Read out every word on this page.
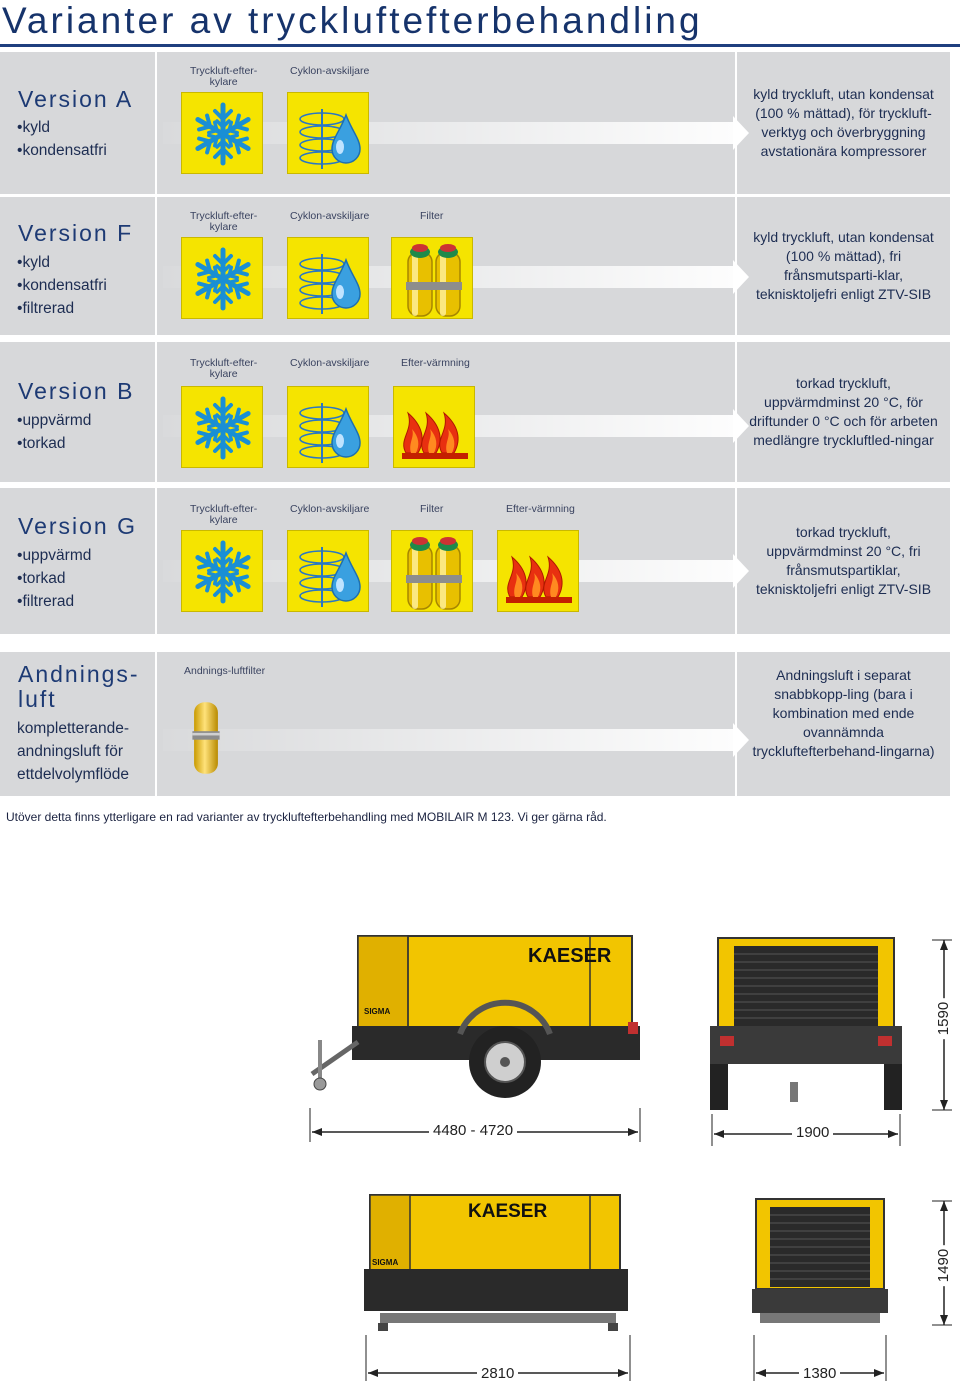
Varianter av tryckluftefterbehandling
Version A
• kyld
• kondensatfri
Tryckluft-efter-
kylare
Cyklon-avskiljare
kyld tryckluft, utan kondensat (100 % mättad), för tryckluft-verktyg och överbryggning avstationära kompressorer
Version F
• kyld
• kondensatfri
• filtrerad
Tryckluft-efter-
kylare
Cyklon-avskiljare	Filter
kyld tryckluft, utan kondensat (100 % mättad), fri frånsmutsparti-klar, teknisktoljefri enligt ZTV-SIB
Version B
• uppvärmd
• torkad
Tryckluft-efter-
kylare
Cyklon-avskiljare	Efter-värmning
torkad tryckluft, uppvärmdminst 20 °C, för driftunder 0 °C och för arbeten medlängre tryckluftled-ningar
Version G
• uppvärmd
• torkad
• filtrerad
Tryckluft-efter-
kylare
Cyklon-avskiljare	Filter	Efter-värmning
torkad tryckluft, uppvärmdminst 20 °C, fri frånsmutspartiklar, teknisktoljefri enligt ZTV-SIB
Andnings-
luft
kompletterande-
andningsluft för
ettdelvolymflöde
Andnings-luftfilter	Andningsluft i separat snabbkopp-ling (bara i kombination med ende ovannämnda tryckluftefterbehand-lingarna)
Utöver detta finns ytterligare en rad varianter av tryckluftefterbehandling med MOBILAIR M 123. Vi ger gärna råd.
KAESER
SIGMA
4480 - 4720	1900
1590
KAESER
SIGMA
2810	1380
1490
